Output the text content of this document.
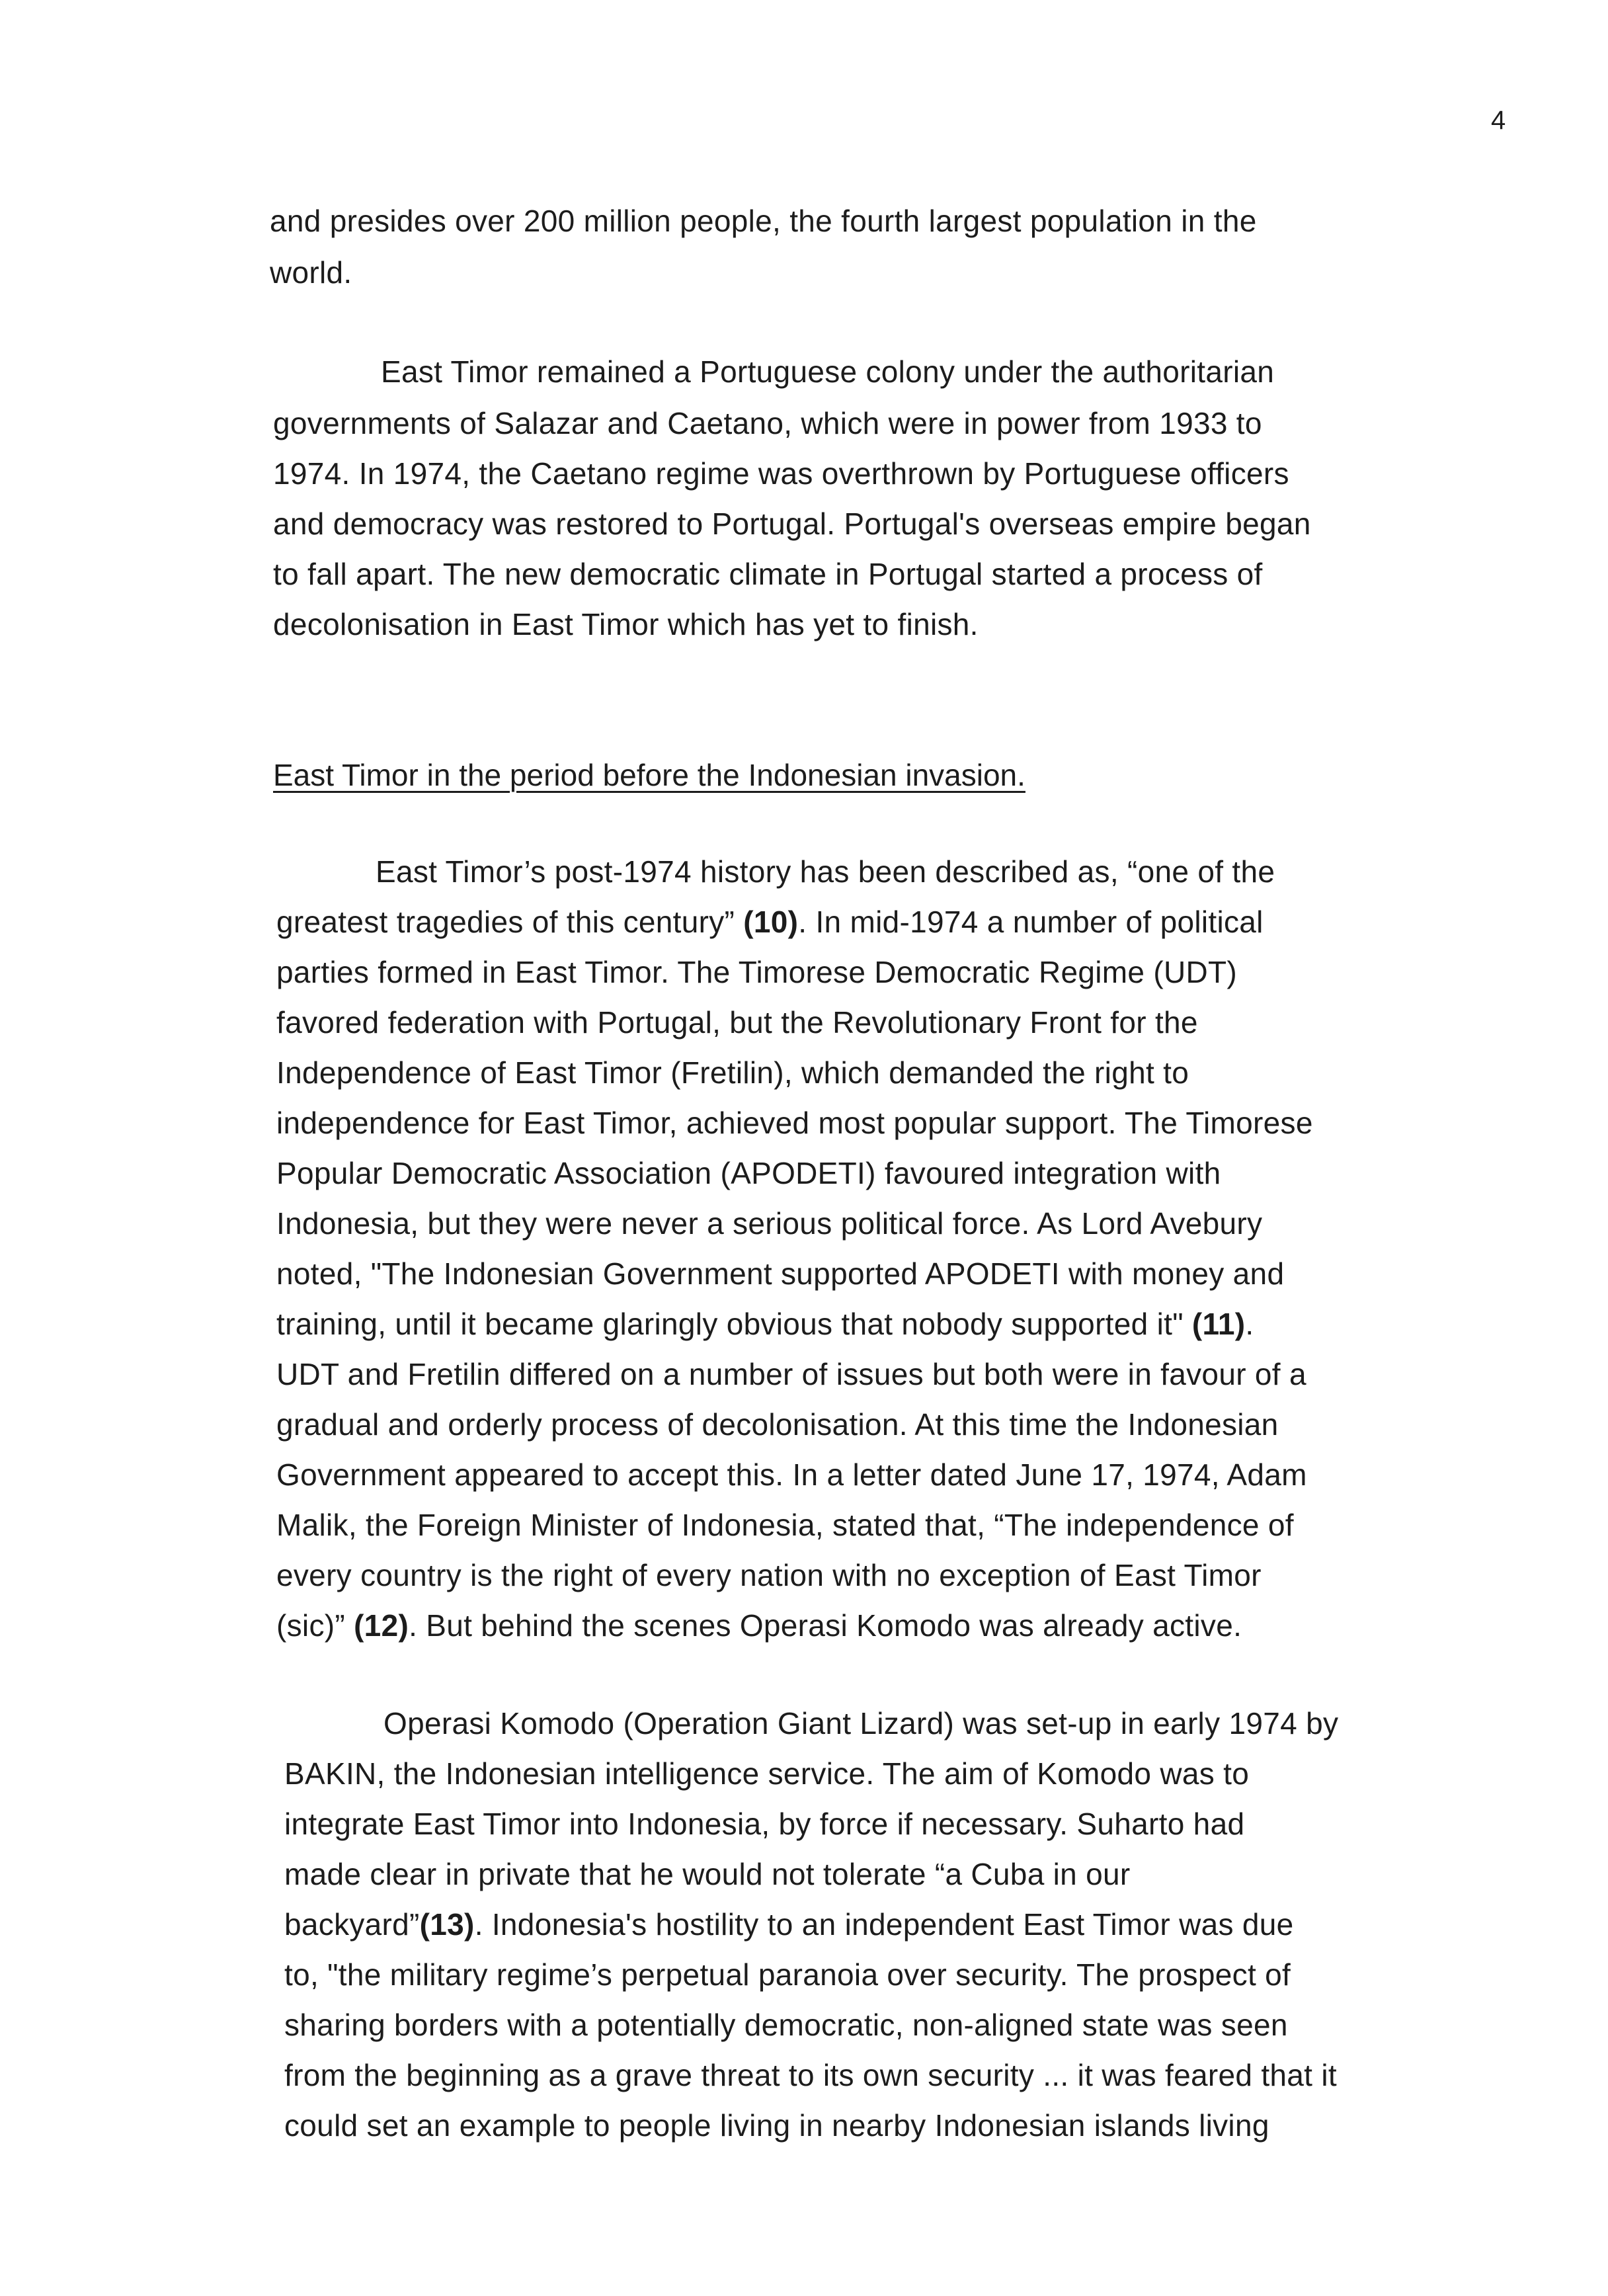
4
and presides over 200 million people, the fourth largest population in the
world.
East Timor remained a Portuguese colony under the authoritarian
governments of Salazar and Caetano, which were in power from 1933 to
1974. In 1974, the Caetano regime was overthrown by Portuguese officers
and democracy was restored to Portugal. Portugal's overseas empire began
to fall apart. The new democratic climate in Portugal started a process of
decolonisation in East Timor which has yet to finish.
East Timor in the period before the Indonesian invasion.
East Timor’s post-1974 history has been described as, “one of the
greatest tragedies of this century” (10). In mid-1974 a number of political
parties formed in East Timor. The Timorese Democratic Regime (UDT)
favored federation with Portugal, but the Revolutionary Front for the
Independence of East Timor (Fretilin), which demanded the right to
independence for East Timor, achieved most popular support. The Timorese
Popular Democratic Association (APODETI) favoured integration with
Indonesia, but they were never a serious political force. As Lord Avebury
noted, "The Indonesian Government supported APODETI with money and
training, until it became glaringly obvious that nobody supported it" (11).
UDT and Fretilin differed on a number of issues but both were in favour of a
gradual and orderly process of decolonisation. At this time the Indonesian
Government appeared to accept this. In a letter dated June 17, 1974, Adam
Malik, the Foreign Minister of Indonesia, stated that, “The independence of
every country is the right of every nation with no exception of East Timor
(sic)” (12). But behind the scenes Operasi Komodo was already active.
Operasi Komodo (Operation Giant Lizard) was set-up in early 1974 by
BAKIN, the Indonesian intelligence service. The aim of Komodo was to
integrate East Timor into Indonesia, by force if necessary. Suharto had
made clear in private that he would not tolerate “a Cuba in our
backyard”(13). Indonesia's hostility to an independent East Timor was due
to, "the military regime’s perpetual paranoia over security. The prospect of
sharing borders with a potentially democratic, non-aligned state was seen
from the beginning as a grave threat to its own security ... it was feared that it
could set an example to people living in nearby Indonesian islands living
